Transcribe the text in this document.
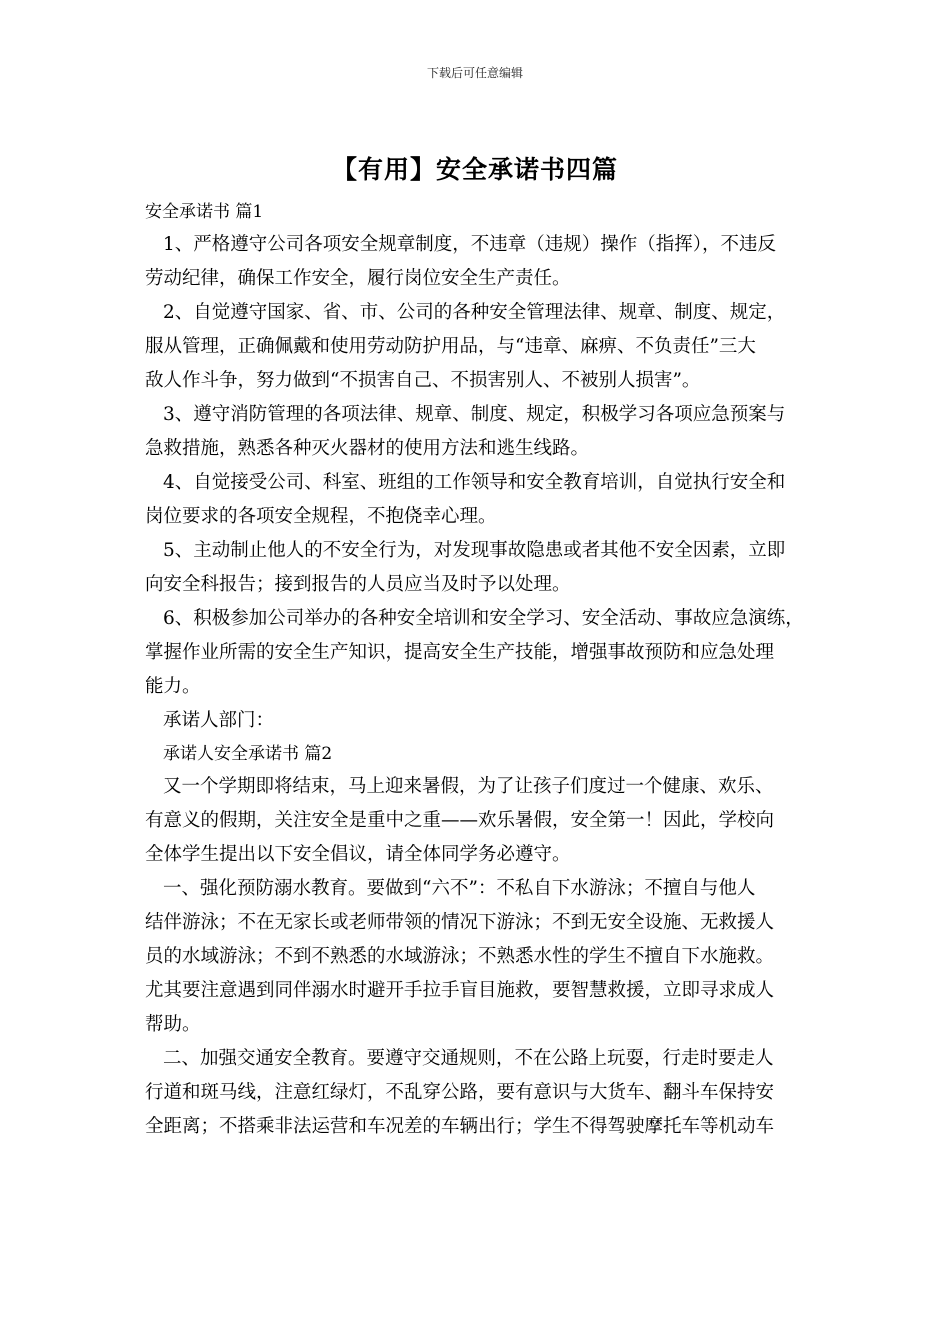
下载后可任意编辑
【有用】安全承诺书四篇
安全承诺书 篇1
1、严格遵守公司各项安全规章制度，不违章（违规）操作（指挥），不违反
劳动纪律，确保工作安全，履行岗位安全生产责任。
2、自觉遵守国家、省、市、公司的各种安全管理法律、规章、制度、规定，
服从管理，正确佩戴和使用劳动防护用品，与“违章、麻痹、不负责任”三大
敌人作斗争，努力做到“不损害自己、不损害别人、不被别人损害”。
3、遵守消防管理的各项法律、规章、制度、规定，积极学习各项应急预案与
急救措施，熟悉各种灭火器材的使用方法和逃生线路。
4、自觉接受公司、科室、班组的工作领导和安全教育培训，自觉执行安全和
岗位要求的各项安全规程，不抱侥幸心理。
5、主动制止他人的不安全行为，对发现事故隐患或者其他不安全因素，立即
向安全科报告；接到报告的人员应当及时予以处理。
6、积极参加公司举办的各种安全培训和安全学习、安全活动、事故应急演练，
掌握作业所需的安全生产知识，提高安全生产技能，增强事故预防和应急处理
能力。
承诺人部门：
承诺人安全承诺书 篇2
又一个学期即将结束，马上迎来暑假，为了让孩子们度过一个健康、欢乐、
有意义的假期，关注安全是重中之重——欢乐暑假，安全第一！因此，学校向
全体学生提出以下安全倡议，请全体同学务必遵守。
一、强化预防溺水教育。要做到“六不”：不私自下水游泳；不擅自与他人
结伴游泳；不在无家长或老师带领的情况下游泳；不到无安全设施、无救援人
员的水域游泳；不到不熟悉的水域游泳；不熟悉水性的学生不擅自下水施救。
尤其要注意遇到同伴溺水时避开手拉手盲目施救，要智慧救援，立即寻求成人
帮助。
二、加强交通安全教育。要遵守交通规则，不在公路上玩耍，行走时要走人
行道和斑马线，注意红绿灯，不乱穿公路，要有意识与大货车、翻斗车保持安
全距离；不搭乘非法运营和车况差的车辆出行；学生不得驾驶摩托车等机动车
